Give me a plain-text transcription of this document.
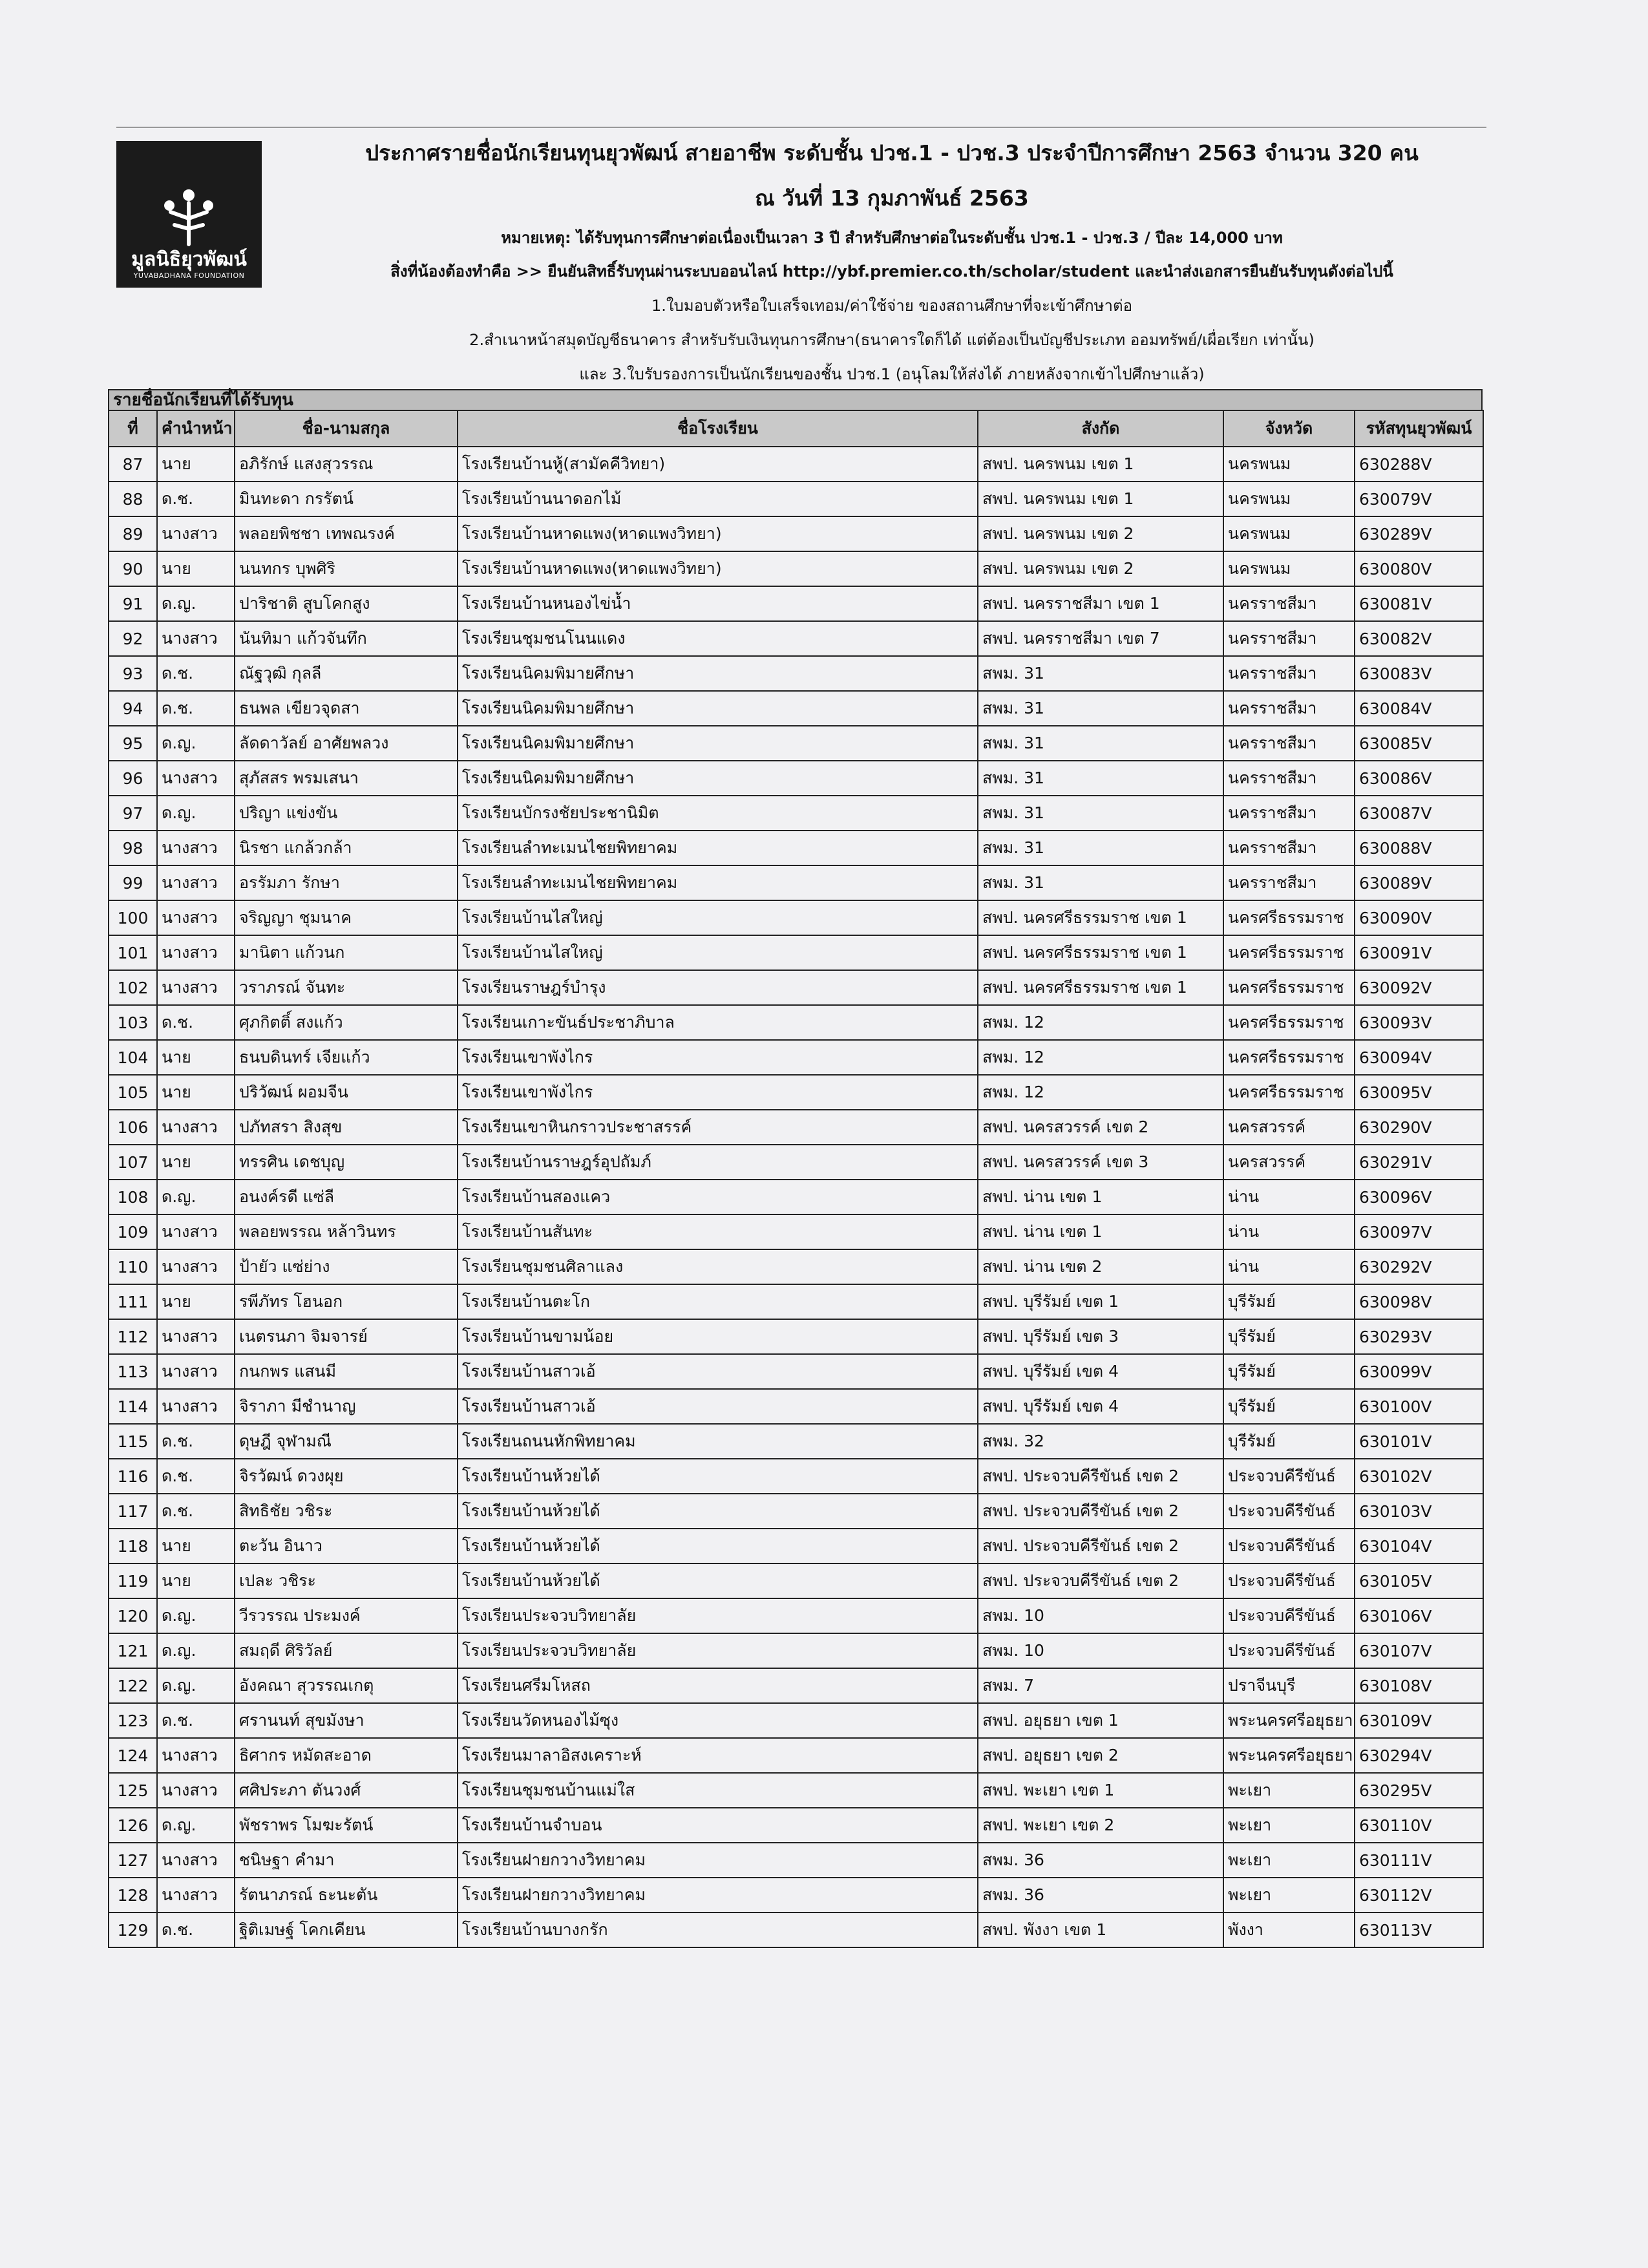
มูลนิธิยุวพัฒน์
YUVABADHANA FOUNDATION
ประกาศรายชื่อนักเรียนทุนยุวพัฒน์ สายอาชีพ ระดับชั้น ปวช.1 - ปวช.3 ประจำปีการศึกษา 2563 จำนวน 320 คน
ณ วันที่ 13 กุมภาพันธ์ 2563
หมายเหตุ: ได้รับทุนการศึกษาต่อเนื่องเป็นเวลา 3 ปี สำหรับศึกษาต่อในระดับชั้น ปวช.1 - ปวช.3 / ปีละ 14,000 บาท
สิ่งที่น้องต้องทำคือ >> ยืนยันสิทธิ์รับทุนผ่านระบบออนไลน์ http://ybf.premier.co.th/scholar/student และนำส่งเอกสารยืนยันรับทุนดังต่อไปนี้
1.ใบมอบตัวหรือใบเสร็จเทอม/ค่าใช้จ่าย ของสถานศึกษาที่จะเข้าศึกษาต่อ
2.สำเนาหน้าสมุดบัญชีธนาคาร สำหรับรับเงินทุนการศึกษา(ธนาคารใดก็ได้ แต่ต้องเป็นบัญชีประเภท ออมทรัพย์/เผื่อเรียก เท่านั้น)
และ 3.ใบรับรองการเป็นนักเรียนของชั้น ปวช.1 (อนุโลมให้ส่งได้ ภายหลังจากเข้าไปศึกษาแล้ว)
รายชื่อนักเรียนที่ได้รับทุน
ที่	คำนำหน้า	ชื่อ-นามสกุล	ชื่อโรงเรียน	สังกัด	จังหวัด	รหัสทุนยุวพัฒน์
87	นาย	อภิรักษ์ แสงสุวรรณ	โรงเรียนบ้านหู้(สามัคคีวิทยา)	สพป. นครพนม เขต 1	นครพนม	630288V
88	ด.ช.	มินทะดา กรรัตน์	โรงเรียนบ้านนาดอกไม้	สพป. นครพนม เขต 1	นครพนม	630079V
89	นางสาว	พลอยพิชชา เทพณรงค์	โรงเรียนบ้านหาดแพง(หาดแพงวิทยา)	สพป. นครพนม เขต 2	นครพนม	630289V
90	นาย	นนทกร บุพศิริ	โรงเรียนบ้านหาดแพง(หาดแพงวิทยา)	สพป. นครพนม เขต 2	นครพนม	630080V
91	ด.ญ.	ปาริชาติ สูบโคกสูง	โรงเรียนบ้านหนองไข่น้ำ	สพป. นครราชสีมา เขต 1	นครราชสีมา	630081V
92	นางสาว	นันทิมา แก้วจันทึก	โรงเรียนชุมชนโนนแดง	สพป. นครราชสีมา เขต 7	นครราชสีมา	630082V
93	ด.ช.	ณัฐวุฒิ กุลลี	โรงเรียนนิคมพิมายศึกษา	สพม. 31	นครราชสีมา	630083V
94	ด.ช.	ธนพล เขียวจุดสา	โรงเรียนนิคมพิมายศึกษา	สพม. 31	นครราชสีมา	630084V
95	ด.ญ.	ลัดดาวัลย์ อาศัยพลวง	โรงเรียนนิคมพิมายศึกษา	สพม. 31	นครราชสีมา	630085V
96	นางสาว	สุภัสสร พรมเสนา	โรงเรียนนิคมพิมายศึกษา	สพม. 31	นครราชสีมา	630086V
97	ด.ญ.	ปริญา แข่งขัน	โรงเรียนบักรงชัยประชานิมิต	สพม. 31	นครราชสีมา	630087V
98	นางสาว	นิรชา แกล้วกล้า	โรงเรียนลำทะเมนไชยพิทยาคม	สพม. 31	นครราชสีมา	630088V
99	นางสาว	อรรัมภา รักษา	โรงเรียนลำทะเมนไชยพิทยาคม	สพม. 31	นครราชสีมา	630089V
100	นางสาว	จริญญา ชุมนาค	โรงเรียนบ้านไสใหญ่	สพป. นครศรีธรรมราช เขต 1	นครศรีธรรมราช	630090V
101	นางสาว	มานิตา แก้วนก	โรงเรียนบ้านไสใหญ่	สพป. นครศรีธรรมราช เขต 1	นครศรีธรรมราช	630091V
102	นางสาว	วราภรณ์ จันทะ	โรงเรียนราษฎร์บำรุง	สพป. นครศรีธรรมราช เขต 1	นครศรีธรรมราช	630092V
103	ด.ช.	ศุภกิตติ์ สงแก้ว	โรงเรียนเกาะขันธ์ประชาภิบาล	สพม. 12	นครศรีธรรมราช	630093V
104	นาย	ธนบดินทร์ เจียแก้ว	โรงเรียนเขาพังไกร	สพม. 12	นครศรีธรรมราช	630094V
105	นาย	ปริวัฒน์ ผอมจีน	โรงเรียนเขาพังไกร	สพม. 12	นครศรีธรรมราช	630095V
106	นางสาว	ปภัทสรา สิงสุข	โรงเรียนเขาหินกราวประชาสรรค์	สพป. นครสวรรค์ เขต 2	นครสวรรค์	630290V
107	นาย	ทรรศิน เดชบุญ	โรงเรียนบ้านราษฎร์อุปถัมภ์	สพป. นครสวรรค์ เขต 3	นครสวรรค์	630291V
108	ด.ญ.	อนงค์รดี แซ่ลี	โรงเรียนบ้านสองแคว	สพป. น่าน เขต 1	น่าน	630096V
109	นางสาว	พลอยพรรณ หล้าวินทร	โรงเรียนบ้านสันทะ	สพป. น่าน เขต 1	น่าน	630097V
110	นางสาว	ป้ายัว แซ่ย่าง	โรงเรียนชุมชนศิลาแลง	สพป. น่าน เขต 2	น่าน	630292V
111	นาย	รพีภัทร โฮนอก	โรงเรียนบ้านตะโก	สพป. บุรีรัมย์ เขต 1	บุรีรัมย์	630098V
112	นางสาว	เนตรนภา จิมจารย์	โรงเรียนบ้านขามน้อย	สพป. บุรีรัมย์ เขต 3	บุรีรัมย์	630293V
113	นางสาว	กนกพร แสนมี	โรงเรียนบ้านสาวเอ้	สพป. บุรีรัมย์ เขต 4	บุรีรัมย์	630099V
114	นางสาว	จิราภา มีชำนาญ	โรงเรียนบ้านสาวเอ้	สพป. บุรีรัมย์ เขต 4	บุรีรัมย์	630100V
115	ด.ช.	ดุษฎี จุฬามณี	โรงเรียนถนนหักพิทยาคม	สพม. 32	บุรีรัมย์	630101V
116	ด.ช.	จิรวัฒน์ ดวงผุย	โรงเรียนบ้านห้วยได้	สพป. ประจวบคีรีขันธ์ เขต 2	ประจวบคีรีขันธ์	630102V
117	ด.ช.	สิทธิชัย วชิระ	โรงเรียนบ้านห้วยได้	สพป. ประจวบคีรีขันธ์ เขต 2	ประจวบคีรีขันธ์	630103V
118	นาย	ตะวัน อินาว	โรงเรียนบ้านห้วยได้	สพป. ประจวบคีรีขันธ์ เขต 2	ประจวบคีรีขันธ์	630104V
119	นาย	เปละ วชิระ	โรงเรียนบ้านห้วยได้	สพป. ประจวบคีรีขันธ์ เขต 2	ประจวบคีรีขันธ์	630105V
120	ด.ญ.	วีรวรรณ ประมงค์	โรงเรียนประจวบวิทยาลัย	สพม. 10	ประจวบคีรีขันธ์	630106V
121	ด.ญ.	สมฤดี ศิริวัลย์	โรงเรียนประจวบวิทยาลัย	สพม. 10	ประจวบคีรีขันธ์	630107V
122	ด.ญ.	อังคณา สุวรรณเกตุ	โรงเรียนศรีมโหสถ	สพม. 7	ปราจีนบุรี	630108V
123	ด.ช.	ศรานนท์ สุขมังษา	โรงเรียนวัดหนองไม้ซุง	สพป. อยุธยา เขต 1	พระนครศรีอยุธยา	630109V
124	นางสาว	ธิศากร หมัดสะอาด	โรงเรียนมาลาอิสงเคราะห์	สพป. อยุธยา เขต 2	พระนครศรีอยุธยา	630294V
125	นางสาว	ศศิประภา ตันวงศ์	โรงเรียนชุมชนบ้านแม่ใส	สพป. พะเยา เขต 1	พะเยา	630295V
126	ด.ญ.	พัชราพร โมฆะรัตน์	โรงเรียนบ้านจำบอน	สพป. พะเยา เขต 2	พะเยา	630110V
127	นางสาว	ชนิษฐา คำมา	โรงเรียนฝายกวางวิทยาคม	สพม. 36	พะเยา	630111V
128	นางสาว	รัตนาภรณ์ ธะนะตัน	โรงเรียนฝายกวางวิทยาคม	สพม. 36	พะเยา	630112V
129	ด.ช.	ฐิติเมษฐ์ โคกเคียน	โรงเรียนบ้านบางกรัก	สพป. พังงา เขต 1	พังงา	630113V
